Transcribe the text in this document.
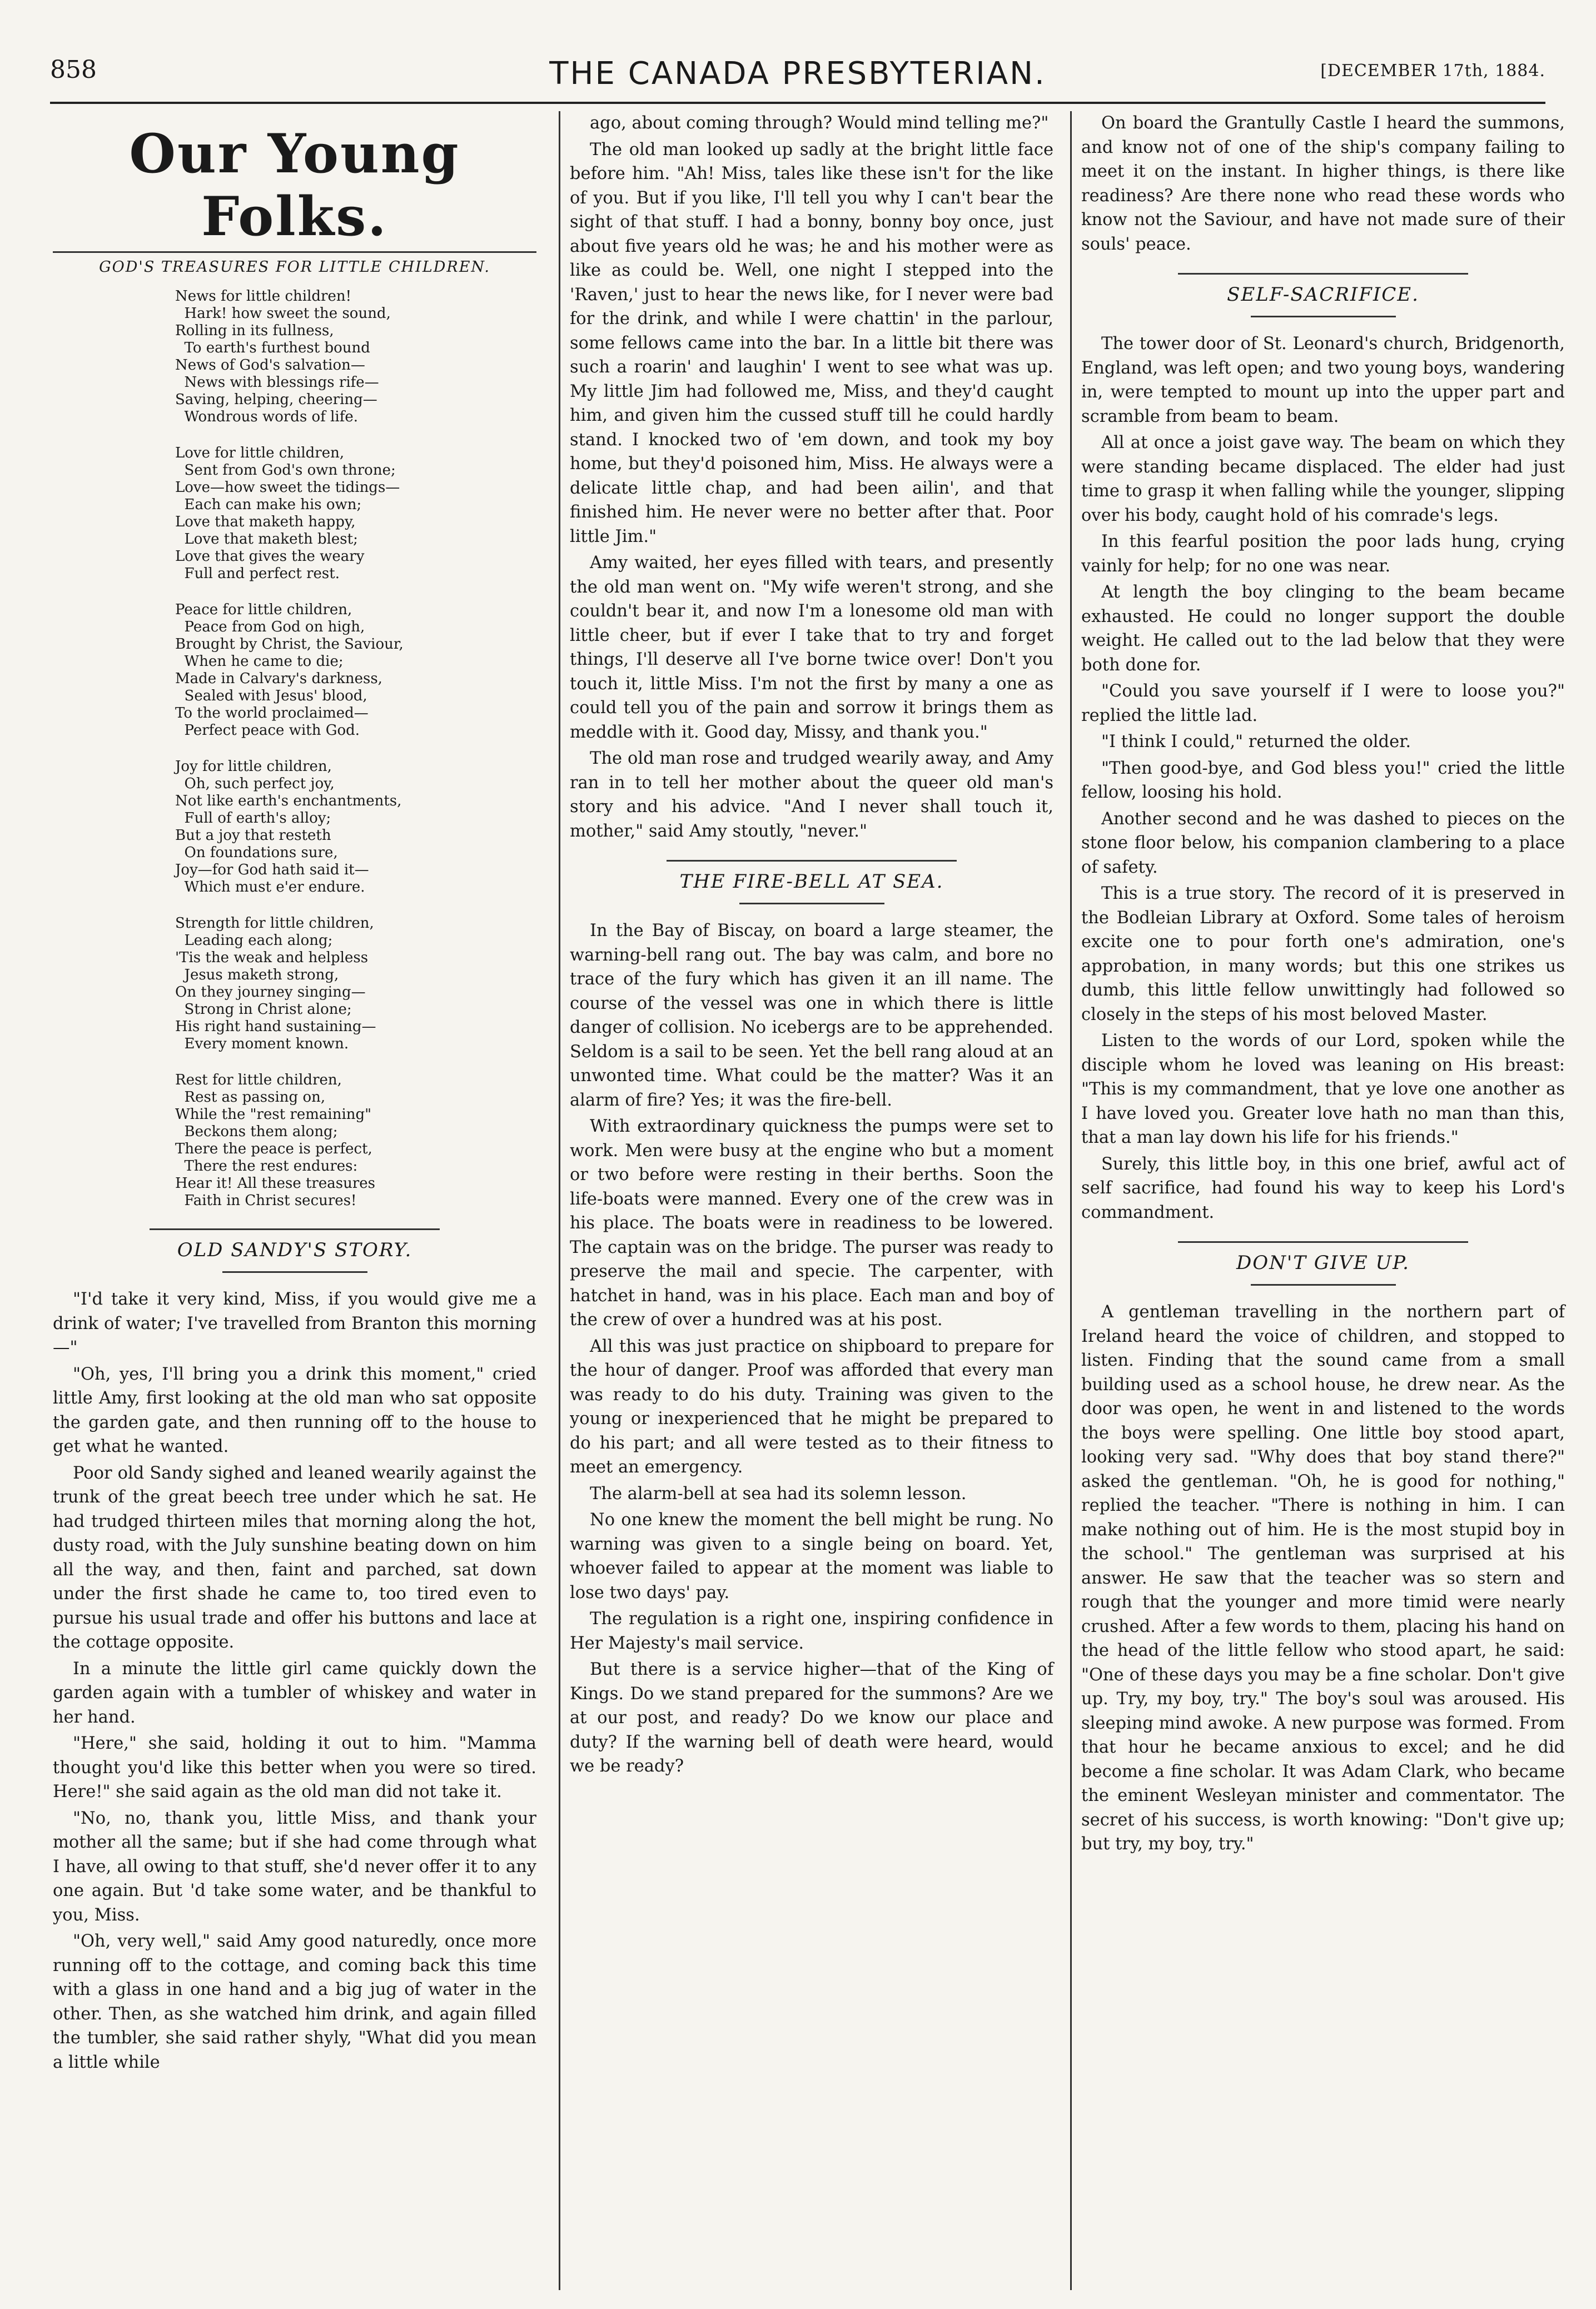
858	THE CANADA PRESBYTERIAN.	[DECEMBER 17th, 1884.
Our Young Folks.
GOD'S TREASURES FOR LITTLE CHILDREN.
News for little children!
Hark! how sweet the sound,
Rolling in its fullness,
To earth's furthest bound
News of God's salvation—
News with blessings rife—
Saving, helping, cheering—
Wondrous words of life.
Love for little children,
Sent from God's own throne;
Love—how sweet the tidings—
Each can make his own;
Love that maketh happy,
Love that maketh blest;
Love that gives the weary
Full and perfect rest.
Peace for little children,
Peace from God on high,
Brought by Christ, the Saviour,
When he came to die;
Made in Calvary's darkness,
Sealed with Jesus' blood,
To the world proclaimed—
Perfect peace with God.
Joy for little children,
Oh, such perfect joy,
Not like earth's enchantments,
Full of earth's alloy;
But a joy that resteth
On foundations sure,
Joy—for God hath said it—
Which must e'er endure.
Strength for little children,
Leading each along;
'Tis the weak and helpless
Jesus maketh strong,
On they journey singing—
Strong in Christ alone;
His right hand sustaining—
Every moment known.
Rest for little children,
Rest as passing on,
While the "rest remaining"
Beckons them along;
There the peace is perfect,
There the rest endures:
Hear it! All these treasures
Faith in Christ secures!
OLD SANDY'S STORY.

"I'd take it very kind, Miss, if you would give me a drink of water; I've travelled from Branton this morning—"

"Oh, yes, I'll bring you a drink this moment," cried little Amy, first looking at the old man who sat opposite the garden gate, and then running off to the house to get what he wanted.

Poor old Sandy sighed and leaned wearily against the trunk of the great beech tree under which he sat. He had trudged thirteen miles that morning along the hot, dusty road, with the July sunshine beating down on him all the way, and then, faint and parched, sat down under the first shade he came to, too tired even to pursue his usual trade and offer his buttons and lace at the cottage opposite.

In a minute the little girl came quickly down the garden again with a tumbler of whiskey and water in her hand.

"Here," she said, holding it out to him. "Mamma thought you'd like this better when you were so tired. Here!" she said again as the old man did not take it.

"No, no, thank you, little Miss, and thank your mother all the same; but if she had come through what I have, all owing to that stuff, she'd never offer it to any one again. But 'd take some water, and be thankful to you, Miss.

"Oh, very well," said Amy good naturedly, once more running off to the cottage, and coming back this time with a glass in one hand and a big jug of water in the other. Then, as she watched him drink, and again filled the tumbler, she said rather shyly, "What did you mean a little while

ago, about coming through? Would mind telling me?"

The old man looked up sadly at the bright little face before him. "Ah! Miss, tales like these isn't for the like of you. But if you like, I'll tell you why I can't bear the sight of that stuff. I had a bonny, bonny boy once, just about five years old he was; he and his mother were as like as could be. Well, one night I stepped into the 'Raven,' just to hear the news like, for I never were bad for the drink, and while I were chattin' in the parlour, some fellows came into the bar. In a little bit there was such a roarin' and laughin' I went to see what was up. My little Jim had followed me, Miss, and they'd caught him, and given him the cussed stuff till he could hardly stand. I knocked two of 'em down, and took my boy home, but they'd poisoned him, Miss. He always were a delicate little chap, and had been ailin', and that finished him. He never were no better after that. Poor little Jim."

Amy waited, her eyes filled with tears, and presently the old man went on. "My wife weren't strong, and she couldn't bear it, and now I'm a lonesome old man with little cheer, but if ever I take that to try and forget things, I'll deserve all I've borne twice over! Don't you touch it, little Miss. I'm not the first by many a one as could tell you of the pain and sorrow it brings them as meddle with it. Good day, Missy, and thank you."

The old man rose and trudged wearily away, and Amy ran in to tell her mother about the queer old man's story and his advice. "And I never shall touch it, mother," said Amy stoutly, "never."

THE FIRE-BELL AT SEA.

In the Bay of Biscay, on board a large steamer, the warning-bell rang out. The bay was calm, and bore no trace of the fury which has given it an ill name. The course of the vessel was one in which there is little danger of collision. No icebergs are to be apprehended. Seldom is a sail to be seen. Yet the bell rang aloud at an unwonted time. What could be the matter? Was it an alarm of fire? Yes; it was the fire-bell.

With extraordinary quickness the pumps were set to work. Men were busy at the engine who but a moment or two before were resting in their berths. Soon the life-boats were manned. Every one of the crew was in his place. The boats were in readiness to be lowered. The captain was on the bridge. The purser was ready to preserve the mail and specie. The carpenter, with hatchet in hand, was in his place. Each man and boy of the crew of over a hundred was at his post.

All this was just practice on shipboard to prepare for the hour of danger. Proof was afforded that every man was ready to do his duty. Training was given to the young or inexperienced that he might be prepared to do his part; and all were tested as to their fitness to meet an emergency.

The alarm-bell at sea had its solemn lesson.

No one knew the moment the bell might be rung. No warning was given to a single being on board. Yet, whoever failed to appear at the moment was liable to lose two days' pay.

The regulation is a right one, inspiring confidence in Her Majesty's mail service.

But there is a service higher—that of the King of Kings. Do we stand prepared for the summons? Are we at our post, and ready? Do we know our place and duty? If the warning bell of death were heard, would we be ready?

On board the Grantully Castle I heard the summons, and know not of one of the ship's company failing to meet it on the instant. In higher things, is there like readiness? Are there none who read these words who know not the Saviour, and have not made sure of their souls' peace.

SELF-SACRIFICE.

The tower door of St. Leonard's church, Bridgenorth, England, was left open; and two young boys, wandering in, were tempted to mount up into the upper part and scramble from beam to beam.

All at once a joist gave way. The beam on which they were standing became displaced. The elder had just time to grasp it when falling while the younger, slipping over his body, caught hold of his comrade's legs.

In this fearful position the poor lads hung, crying vainly for help; for no one was near.

At length the boy clinging to the beam became exhausted. He could no longer support the double weight. He called out to the lad below that they were both done for.

"Could you save yourself if I were to loose you?" replied the little lad.

"I think I could," returned the older.

"Then good-bye, and God bless you!" cried the little fellow, loosing his hold.

Another second and he was dashed to pieces on the stone floor below, his companion clambering to a place of safety.

This is a true story. The record of it is preserved in the Bodleian Library at Oxford. Some tales of heroism excite one to pour forth one's admiration, one's approbation, in many words; but this one strikes us dumb, this little fellow unwittingly had followed so closely in the steps of his most beloved Master.

Listen to the words of our Lord, spoken while the disciple whom he loved was leaning on His breast: "This is my commandment, that ye love one another as I have loved you. Greater love hath no man than this, that a man lay down his life for his friends."

Surely, this little boy, in this one brief, awful act of self sacrifice, had found his way to keep his Lord's commandment.

DON'T GIVE UP.

A gentleman travelling in the northern part of Ireland heard the voice of children, and stopped to listen. Finding that the sound came from a small building used as a school house, he drew near. As the door was open, he went in and listened to the words the boys were spelling. One little boy stood apart, looking very sad. "Why does that boy stand there?" asked the gentleman. "Oh, he is good for nothing," replied the teacher. "There is nothing in him. I can make nothing out of him. He is the most stupid boy in the school." The gentleman was surprised at his answer. He saw that the teacher was so stern and rough that the younger and more timid were nearly crushed. After a few words to them, placing his hand on the head of the little fellow who stood apart, he said: "One of these days you may be a fine scholar. Don't give up. Try, my boy, try." The boy's soul was aroused. His sleeping mind awoke. A new purpose was formed. From that hour he became anxious to excel; and he did become a fine scholar. It was Adam Clark, who became the eminent Wesleyan minister and commentator. The secret of his success, is worth knowing: "Don't give up; but try, my boy, try."
